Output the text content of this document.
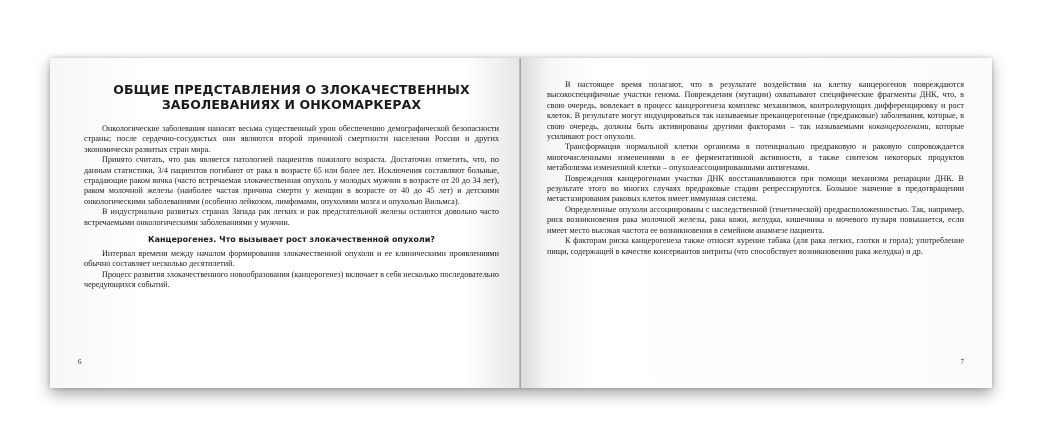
ОБЩИЕ ПРЕДСТАВЛЕНИЯ О ЗЛОКАЧЕСТВЕННЫХ
ЗАБОЛЕВАНИЯХ И ОНКОМАРКЕРАХ

Онкологические заболевания наносят весьма существенный урон обеспечению демографической безопасности страны; после сердечно-сосудистых они являются второй причиной смертности населения России и других экономически развитых стран мира.

Принято считать, что рак является патологией пациентов пожилого возраста. Достаточно отметить, что, по данным статистики, 3/4 пациентов погибают от рака в возрасте 65 или более лет. Исключения составляют больные, страдающие раком яичка (часто встречаемая злокачественная опухоль у молодых мужчин в возрасте от 20 до 34 лет), раком молочной железы (наиболее частая причина смерти у женщин в возрасте от 40 до 45 лет) и детскими онкологическими заболеваниями (особенно лейкозом, лимфомами, опухолями мозга и опухолью Вильмса).

В индустриально развитых странах Запада рак легких и рак предстательной железы остаются довольно часто встречаемыми онкологическими заболеваниями у мужчин.

Канцерогенез. Что вызывает рост злокачественной опухоли?

Интервал времени между началом формирования злокачественной опухоли и ее клиническими проявлениями обычно составляет несколько десятилетий.

Процесс развития злокачественного новообразования (канцерогенез) включает в себя несколько последовательно чередующихся событий.

6

В настоящее время полагают, что в результате воздействия на клетку канцерогенов повреждаются высокоспецифичные участки генома. Повреждения (мутации) охватывают специфические фрагменты ДНК, что, в свою очередь, вовлекает в процесс канцерогенеза комплекс механизмов, контролирующих дифференцировку и рост клеток. В результате могут индуцироваться так называемые преканцерогенные (предраковые) заболевания, которые, в свою очередь, должны быть активированы другими факторами – так называемыми коканцерогенами, которые усиливают рост опухоли.

Трансформация нормальной клетки организма в потенциально предраковую и раковую сопровождается многочисленными изменениями в ее ферментативной активности, а также синтезом некоторых продуктов метаболизма измененной клетки – опухолеассоциированными антигенами.

Повреждения канцерогенами участки ДНК восстанавливаются при помощи механизма репарации ДНК. В результате этого во многих случаях предраковые стадии репрессируются. Большое значение в предотвращении метастазирования раковых клеток имеет иммунная система.

Определенные опухоли ассоциированы с наследственной (генетической) предрасположенностью. Так, например, риск возникновения рака молочной железы, рака кожи, желудка, кишечника и мочевого пузыря повышается, если имеет место высокая частота ее возникновения в семейном анамнезе пациента.

К факторам риска канцерогенеза также относят курение табака (для рака легких, глотки и горла); употребление пищи, содержащей в качестве консервантов нитриты (что способствует возникновению рака желудка) и др.

7
